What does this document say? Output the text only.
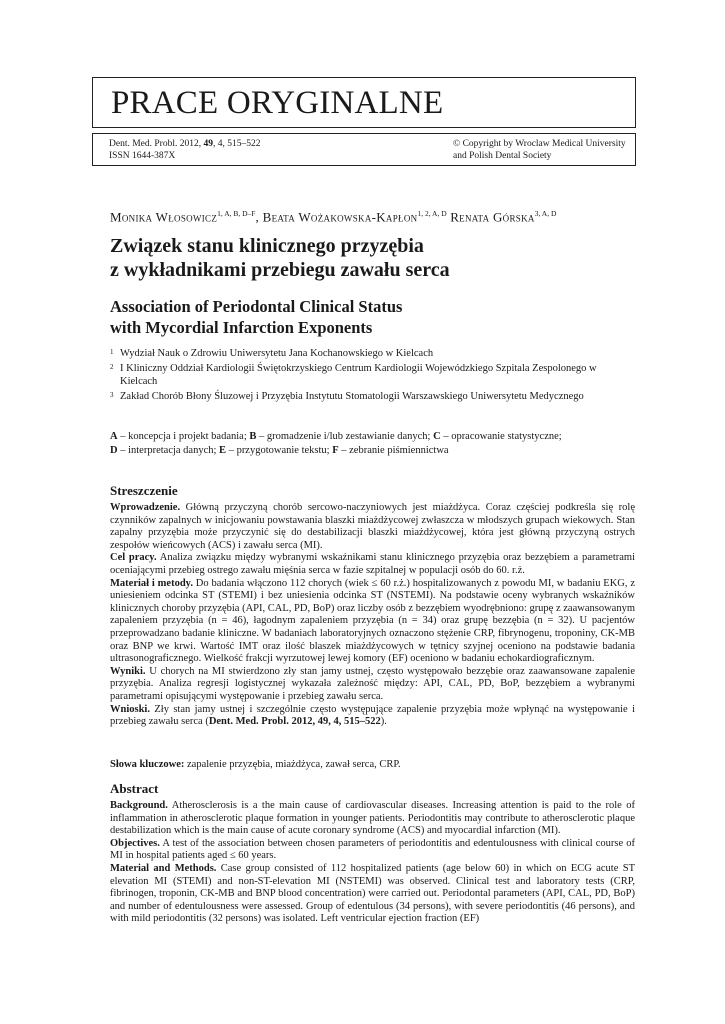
PRACE ORYGINALNE
Dent. Med. Probl. 2012, 49, 4, 515–522
ISSN 1644-387X
© Copyright by Wroclaw Medical University
and Polish Dental Society
Monika Włosowicz$^{1, A, B, D-F}$, Beata Wożakowska-Kapłon$^{1, 2, A, D}$ Renata Górska$^{3, A, D}$
Związek stanu klinicznego przyzębia
z wykładnikami przebiegu zawału serca
Association of Periodontal Clinical Status
with Mycordial Infarction Exponents
1 Wydział Nauk o Zdrowiu Uniwersytetu Jana Kochanowskiego w Kielcach
2 I Kliniczny Oddział Kardiologii Świętokrzyskiego Centrum Kardiologii Wojewódzkiego Szpitala Zespolonego w Kielcach
3 Zakład Chorób Błony Śluzowej i Przyzębia Instytutu Stomatologii Warszawskiego Uniwersytetu Medycznego
A – koncepcja i projekt badania; B – gromadzenie i/lub zestawianie danych; C – opracowanie statystyczne;
D – interpretacja danych; E – przygotowanie tekstu; F – zebranie piśmiennictwa
Streszczenie

Wprowadzenie. Główną przyczyną chorób sercowo-naczyniowych jest miażdżyca. Coraz częściej podkreśla się rolę czynników zapalnych w inicjowaniu powstawania blaszki miażdżycowej zwłaszcza w młodszych grupach wiekowych. Stan zapalny przyzębia może przyczynić się do destabilizacji blaszki miażdżycowej, która jest główną przyczyną ostrych zespołów wieńcowych (ACS) i zawału serca (MI).

Cel pracy. Analiza związku między wybranymi wskaźnikami stanu klinicznego przyzębia oraz bezzębiem a parametrami oceniającymi przebieg ostrego zawału mięśnia serca w fazie szpitalnej w populacji osób do 60. r.ż.

Materiał i metody. Do badania włączono 112 chorych (wiek ≤ 60 r.ż.) hospitalizowanych z powodu MI, w badaniu EKG, z uniesieniem odcinka ST (STEMI) i bez uniesienia odcinka ST (NSTEMI). Na podstawie oceny wybranych wskaźników klinicznych choroby przyzębia (API, CAL, PD, BoP) oraz liczby osób z bezzębiem wyodrębniono: grupę z zaawansowanym zapaleniem przyzębia (n = 46), łagodnym zapaleniem przyzębia (n = 34) oraz grupę bezzębia (n = 32). U pacjentów przeprowadzano badanie kliniczne. W badaniach laboratoryjnych oznaczono stężenie CRP, fibrynogenu, troponiny, CK-MB oraz BNP we krwi. Wartość IMT oraz ilość blaszek miażdżycowych w tętnicy szyjnej oceniono na podstawie badania ultrasonograficznego. Wielkość frakcji wyrzutowej lewej komory (EF) oceniono w badaniu echokardiograficznym.

Wyniki. U chorych na MI stwierdzono zły stan jamy ustnej, często występowało bezzębie oraz zaawansowane zapalenie przyzębia. Analiza regresji logistycznej wykazała zależność między: API, CAL, PD, BoP, bezzębiem a wybranymi parametrami opisującymi występowanie i przebieg zawału serca.

Wnioski. Zły stan jamy ustnej i szczególnie często występujące zapalenie przyzębia może wpłynąć na występowanie i przebieg zawału serca (Dent. Med. Probl. 2012, 49, 4, 515–522).

Słowa kluczowe: zapalenie przyzębia, miażdżyca, zawał serca, CRP.
Abstract

Background. Atherosclerosis is a the main cause of cardiovascular diseases. Increasing attention is paid to the role of inflammation in atherosclerotic plaque formation in younger patients. Periodontitis may contribute to atherosclerotic plaque destabilization which is the main cause of acute coronary syndrome (ACS) and myocardial infarction (MI).

Objectives. A test of the association between chosen parameters of periodontitis and edentulousness with clinical course of MI in hospital patients aged ≤ 60 years.

Material and Methods. Case group consisted of 112 hospitalized patients (age below 60) in which on ECG acute ST elevation MI (STEMI) and non-ST-elevation MI (NSTEMI) was observed. Clinical test and laboratory tests (CRP, fibrinogen, troponin, CK-MB and BNP blood concentration) were carried out. Periodontal parameters (API, CAL, PD, BoP) and number of edentulousness were assessed. Group of edentulous (34 persons), with severe periodontitis (46 persons), and with mild periodontitis (32 persons) was isolated. Left ventricular ejection fraction (EF)
